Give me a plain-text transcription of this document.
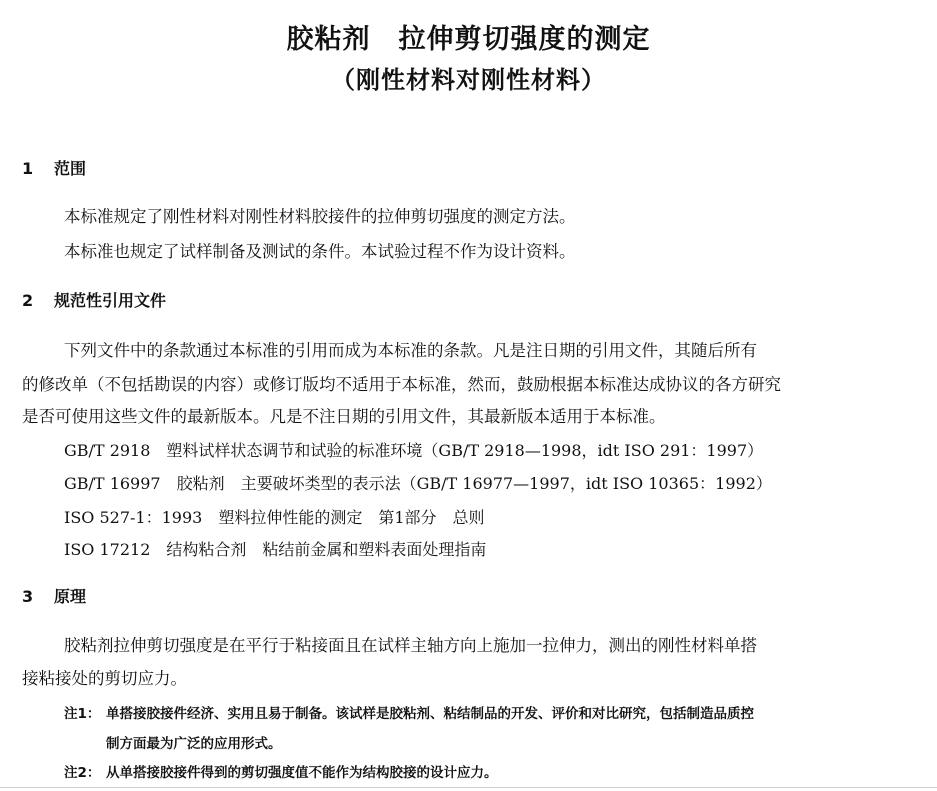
胶粘剂　拉伸剪切强度的测定
（刚性材料对刚性材料）
1 范围
本标准规定了刚性材料对刚性材料胶接件的拉伸剪切强度的测定方法。
本标准也规定了试样制备及测试的条件。本试验过程不作为设计资料。
2 规范性引用文件
下列文件中的条款通过本标准的引用而成为本标准的条款。凡是注日期的引用文件，其随后所有
的修改单（不包括勘误的内容）或修订版均不适用于本标准，然而，鼓励根据本标准达成协议的各方研究
是否可使用这些文件的最新版本。凡是不注日期的引用文件，其最新版本适用于本标准。
GB/T 2918　塑料试样状态调节和试验的标准环境（GB/T 2918—1998，idt ISO 291：1997）
GB/T 16997　胶粘剂　主要破坏类型的表示法（GB/T 16977—1997，idt ISO 10365：1992）
ISO 527-1：1993　塑料拉伸性能的测定　第1部分　总则
ISO 17212　结构粘合剂　粘结前金属和塑料表面处理指南
3 原理
胶粘剂拉伸剪切强度是在平行于粘接面且在试样主轴方向上施加一拉伸力，测出的刚性材料单搭
接粘接处的剪切应力。
注1： 单搭接胶接件经济、实用且易于制备。该试样是胶粘剂、粘结制品的开发、评价和对比研究，包括制造品质控
制方面最为广泛的应用形式。
注2： 从单搭接胶接件得到的剪切强度值不能作为结构胶接的设计应力。
